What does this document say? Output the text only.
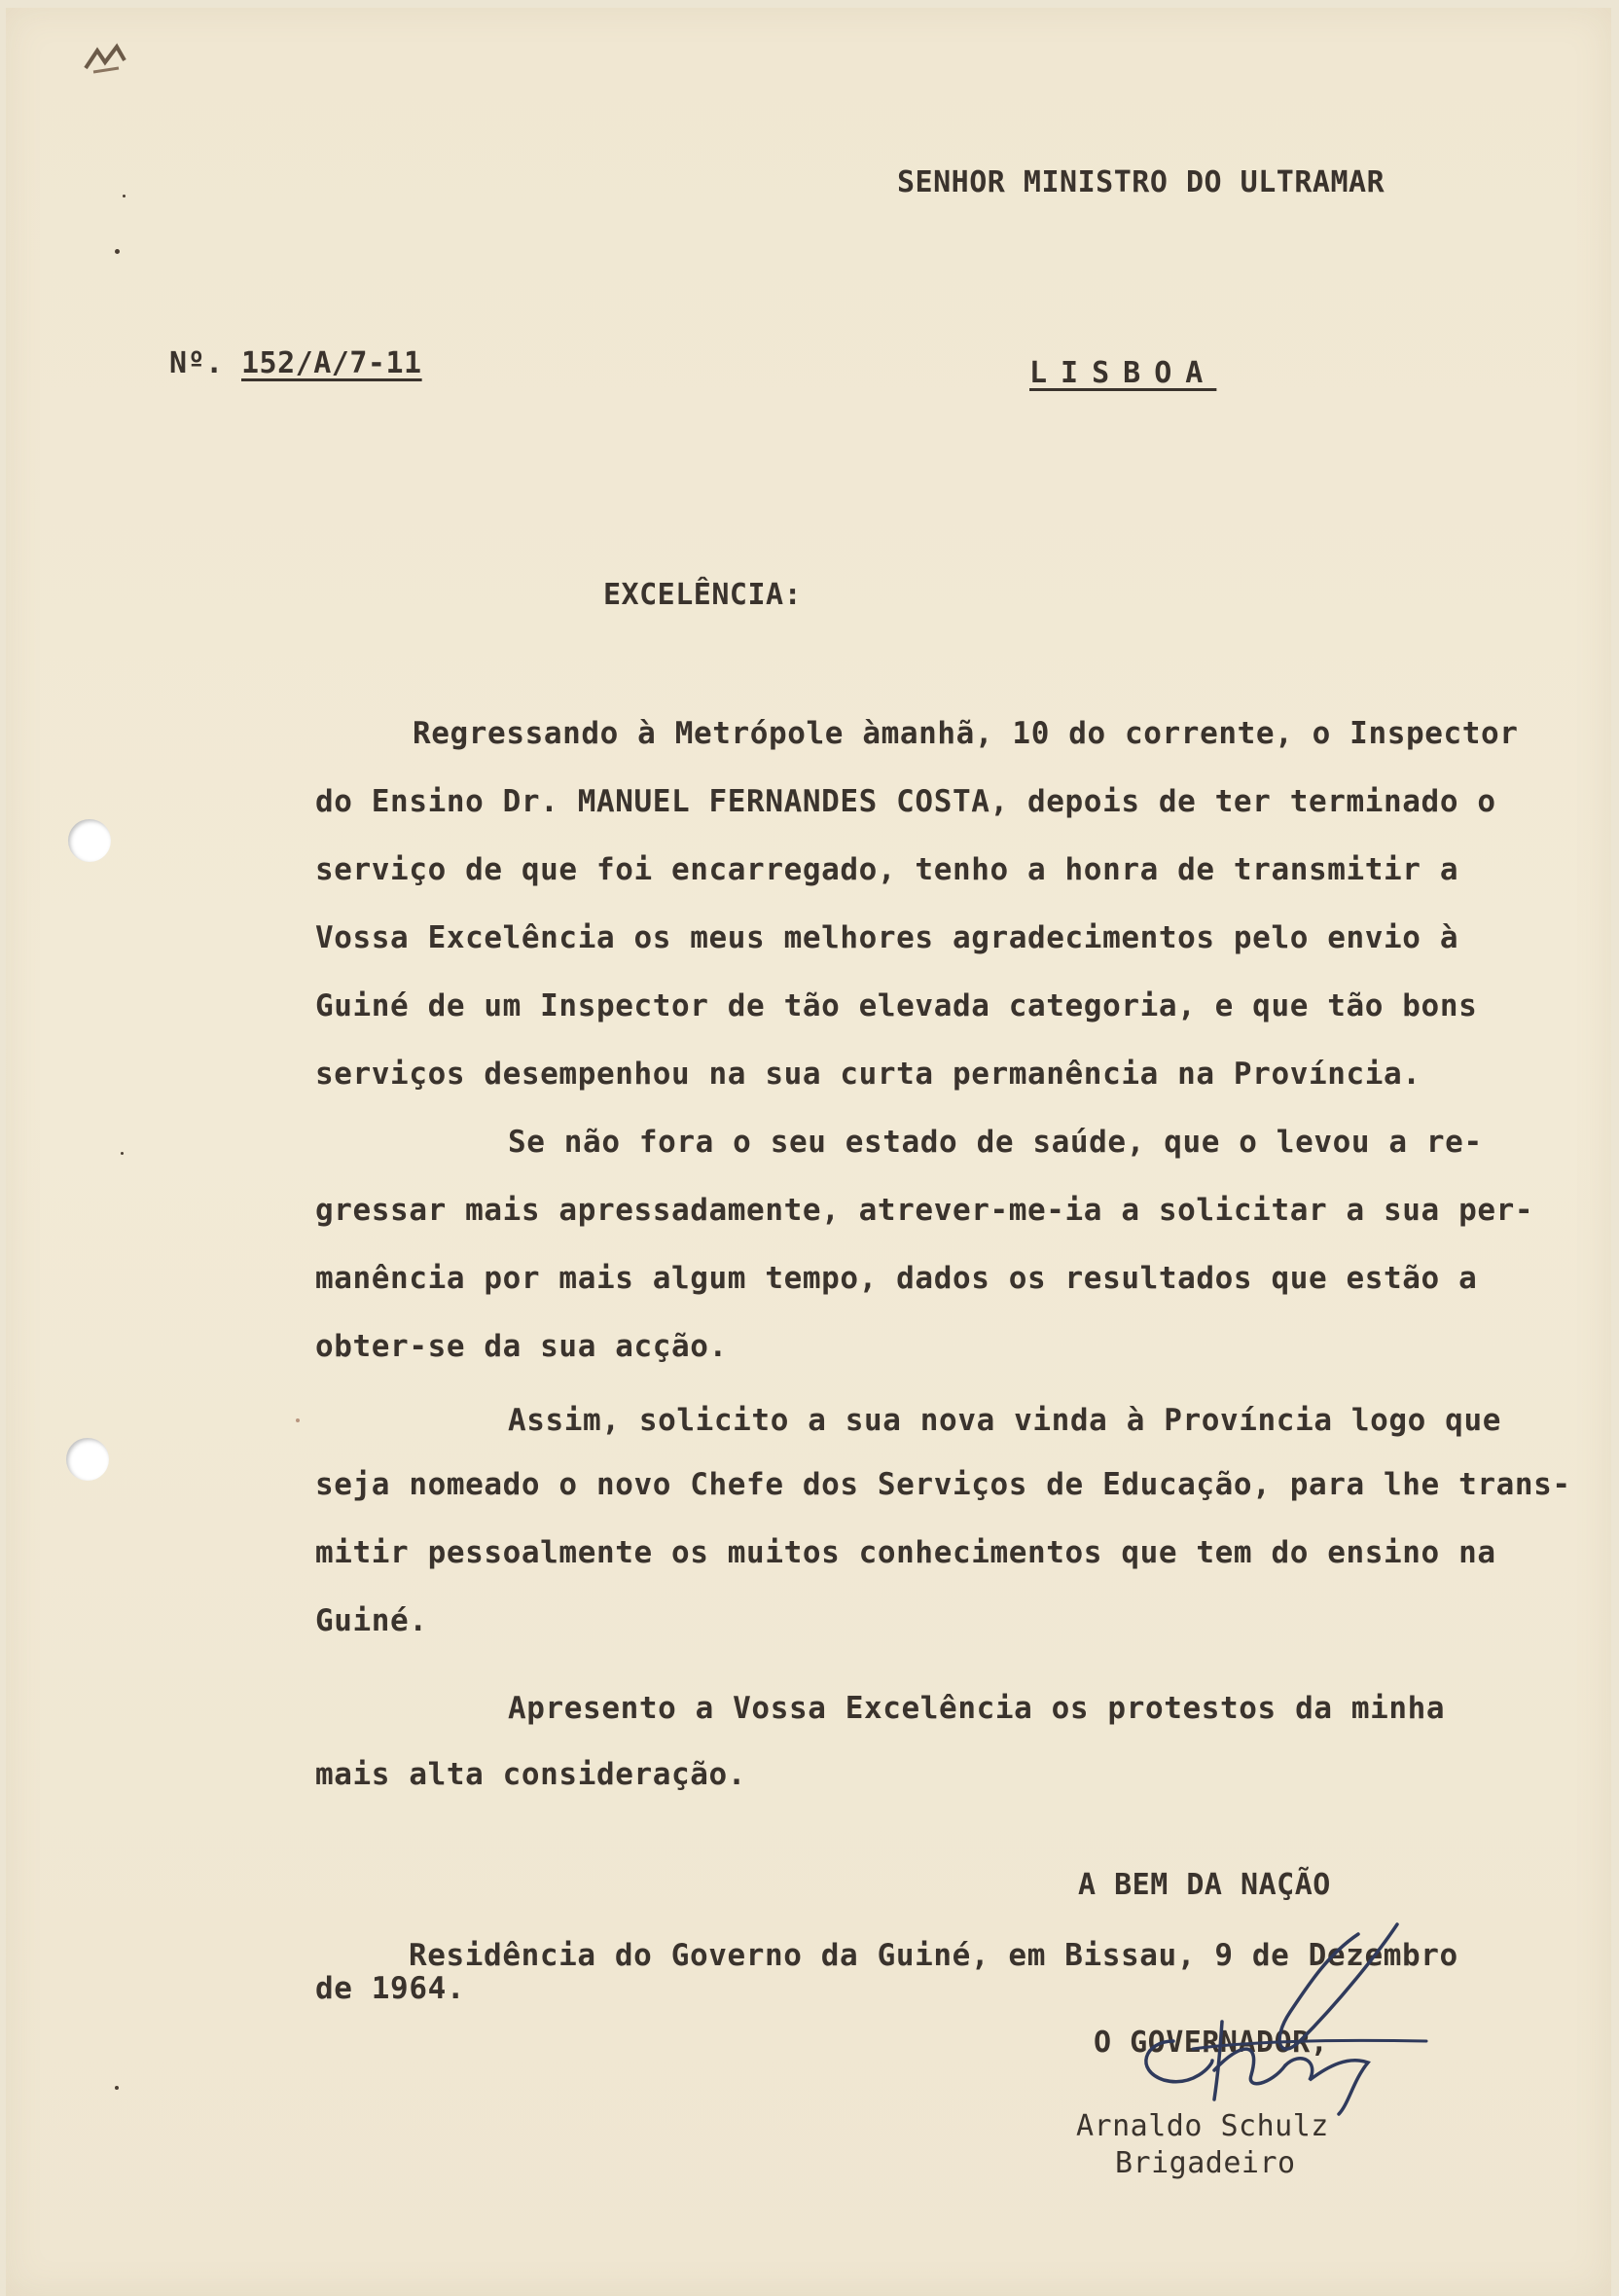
SENHOR MINISTRO DO ULTRAMAR
Nº. 152/A/7-11	LISBOA
EXCELÊNCIA:
Regressando à Metrópole àmanhã, 10 do corrente, o Inspector
do Ensino Dr. MANUEL FERNANDES COSTA, depois de ter terminado o
serviço de que foi encarregado, tenho a honra de transmitir a
Vossa Excelência os meus melhores agradecimentos pelo envio à
Guiné de um Inspector de tão elevada categoria, e que tão bons
serviços desempenhou na sua curta permanência na Província.
Se não fora o seu estado de saúde, que o levou a re-
gressar mais apressadamente, atrever-me-ia a solicitar a sua per-
manência por mais algum tempo, dados os resultados que estão a
obter-se da sua acção.
Assim, solicito a sua nova vinda à Província logo que
seja nomeado o novo Chefe dos Serviços de Educação, para lhe trans-
mitir pessoalmente os muitos conhecimentos que tem do ensino na
Guiné.
Apresento a Vossa Excelência os protestos da minha
mais alta consideração.
A BEM DA NAÇÃO
Residência do Governo da Guiné, em Bissau, 9 de Dezembro
de 1964.
O GOVERNADOR,
Arnaldo Schulz
Brigadeiro
